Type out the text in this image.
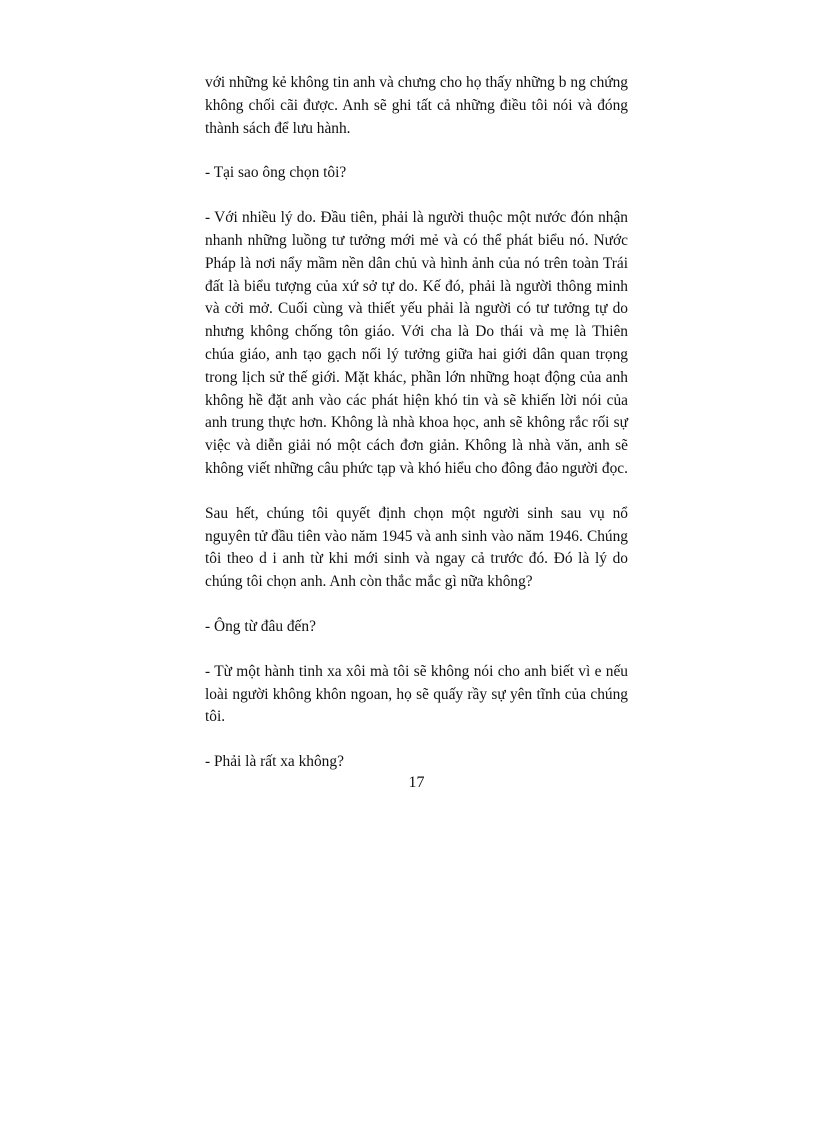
với những kẻ không tin anh và chưng cho họ thấy những b ng chứng không chối cãi được. Anh sẽ ghi tất cả những điều tôi nói và đóng thành sách để lưu hành.

- Tại sao ông chọn tôi?

- Với nhiều lý do. Đầu tiên, phải là người thuộc một nước đón nhận nhanh những luồng tư tưởng mới mẻ và có thể phát biểu nó. Nước Pháp là nơi nẩy mầm nền dân chủ và hình ảnh của nó trên toàn Trái đất là biểu tượng của xứ sở tự do. Kế đó, phải là người thông minh và cởi mở. Cuối cùng và thiết yếu phải là người có tư tưởng tự do nhưng không chống tôn giáo. Với cha là Do thái và mẹ là Thiên chúa giáo, anh tạo gạch nối lý tưởng giữa hai giới dân quan trọng trong lịch sử thế giới. Mặt khác, phần lớn những hoạt động của anh không hề đặt anh vào các phát hiện khó tin và sẽ khiến lời nói của anh trung thực hơn. Không là nhà khoa học, anh sẽ không rắc rối sự việc và diễn giải nó một cách đơn giản. Không là nhà văn, anh sẽ không viết những câu phức tạp và khó hiểu cho đông đảo người đọc.

Sau hết, chúng tôi quyết định chọn một người sinh sau vụ nổ nguyên tử đầu tiên vào năm 1945 và anh sinh vào năm 1946. Chúng tôi theo d i anh từ khi mới sinh và ngay cả trước đó. Đó là lý do chúng tôi chọn anh. Anh còn thắc mắc gì nữa không?

- Ông từ đâu đến?

- Từ một hành tinh xa xôi mà tôi sẽ không nói cho anh biết vì e nếu loài người không khôn ngoan, họ sẽ quấy rầy sự yên tĩnh của chúng tôi.

- Phải là rất xa không?

17
